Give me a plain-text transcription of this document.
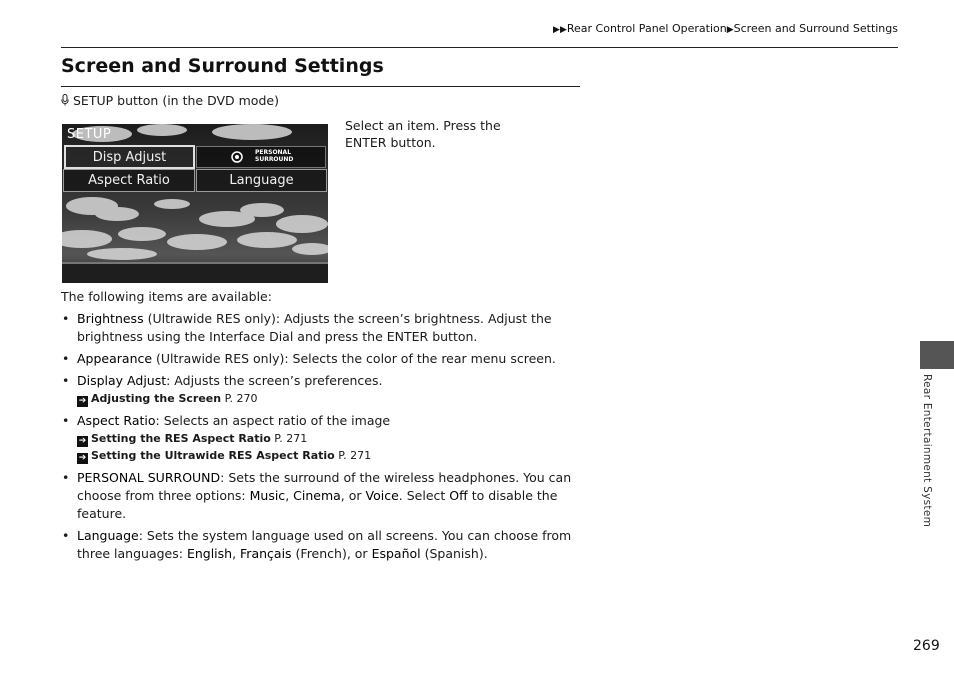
▶▶Rear Control Panel Operation▶Screen and Surround Settings
Screen and Surround Settings
SETUP button (in the DVD mode)
SETUP
Disp Adjust	PERSONAL
SURROUND
Aspect Ratio	Language
Select an item. Press the ENTER button.
The following items are available:
• Brightness (Ultrawide RES only): Adjusts the screen’s brightness. Adjust the brightness using the Interface Dial and press the ENTER button.
• Appearance (Ultrawide RES only): Selects the color of the rear menu screen.
• Display Adjust: Adjusts the screen’s preferences.
➔ Adjusting the Screen P. 270
• Aspect Ratio: Selects an aspect ratio of the image
➔ Setting the RES Aspect Ratio P. 271
➔ Setting the Ultrawide RES Aspect Ratio P. 271
• PERSONAL SURROUND: Sets the surround of the wireless headphones. You can choose from three options: Music, Cinema, or Voice. Select Off to disable the feature.
• Language: Sets the system language used on all screens. You can choose from three languages: English, Français (French), or Español (Spanish).
Rear Entertainment System
269
